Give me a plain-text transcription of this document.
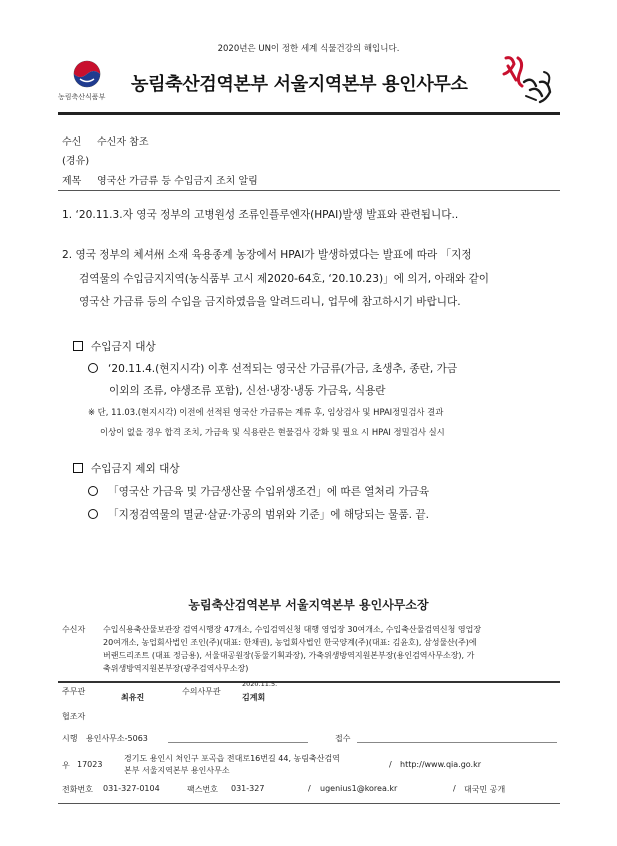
2020년은 UN이 정한 세계 식물건강의 해입니다.
농림축산식품부
농림축산검역본부 서울지역본부 용인사무소
수신 수신자 참조
(경유)
제목 영국산 가금류 등 수입금지 조치 알림
1. ‘20.11.3.자 영국 정부의 고병원성 조류인플루엔자(HPAI)발생 발표와 관련됩니다..
2. 영국 정부의 체셔州 소재 육용종계 농장에서 HPAI가 발생하였다는 발표에 따라 「지정
검역물의 수입금지지역(농식품부 고시 제2020-64호, ‘20.10.23)」에 의거, 아래와 같이
영국산 가금류 등의 수입을 금지하였음을 알려드리니, 업무에 참고하시기 바랍니다.
수입금지 대상
‘20.11.4.(현지시각) 이후 선적되는 영국산 가금류(가금, 초생추, 종란, 가금
이외의 조류, 야생조류 포함), 신선·냉장·냉동 가금육, 식용란
※ 단, 11.03.(현지시각) 이전에 선적된 영국산 가금류는 계류 후, 임상검사 및 HPAI정밀검사 결과
이상이 없을 경우 합격 조치, 가금육 및 식용란은 현물검사 강화 및 필요 시 HPAI 정밀검사 실시
수입금지 제외 대상
「영국산 가금육 및 가금생산물 수입위생조건」에 따른 열처리 가금육
「지정검역물의 멸균·살균·가공의 범위와 기준」에 해당되는 물품. 끝.
농림축산검역본부 서울지역본부 용인사무소장
수신자 수입식용축산물보관장 검역시행장 47개소, 수입검역신청 대행 영업장 30여개소, 수입축산물검역신청 영업장
20여개소, 농업회사법인 조인(주)(대표: 한채권), 농업회사법인 한국양계(주)(대표: 김윤호), 삼성물산(주)에
버랜드리조트 (대표 정금용), 서울대공원장(동물기획과장), 가축위생방역지원본부장(용인검역사무소장), 가
축위생방역지원본부장(광주검역사무소장)
주무관
최유진
수의사무관
2020.11.5.
김계회
협조자
시행 용인사무소-5063	접수
우 17023
경기도 용인시 처인구 포곡읍 전대로16번길 44, 농림축산검역
본부 서울지역본부 용인사무소
/ http://www.qia.go.kr
전화번호 031-327-0104	팩스번호 031-327	/ ugenius1@korea.kr	/ 대국민 공개
